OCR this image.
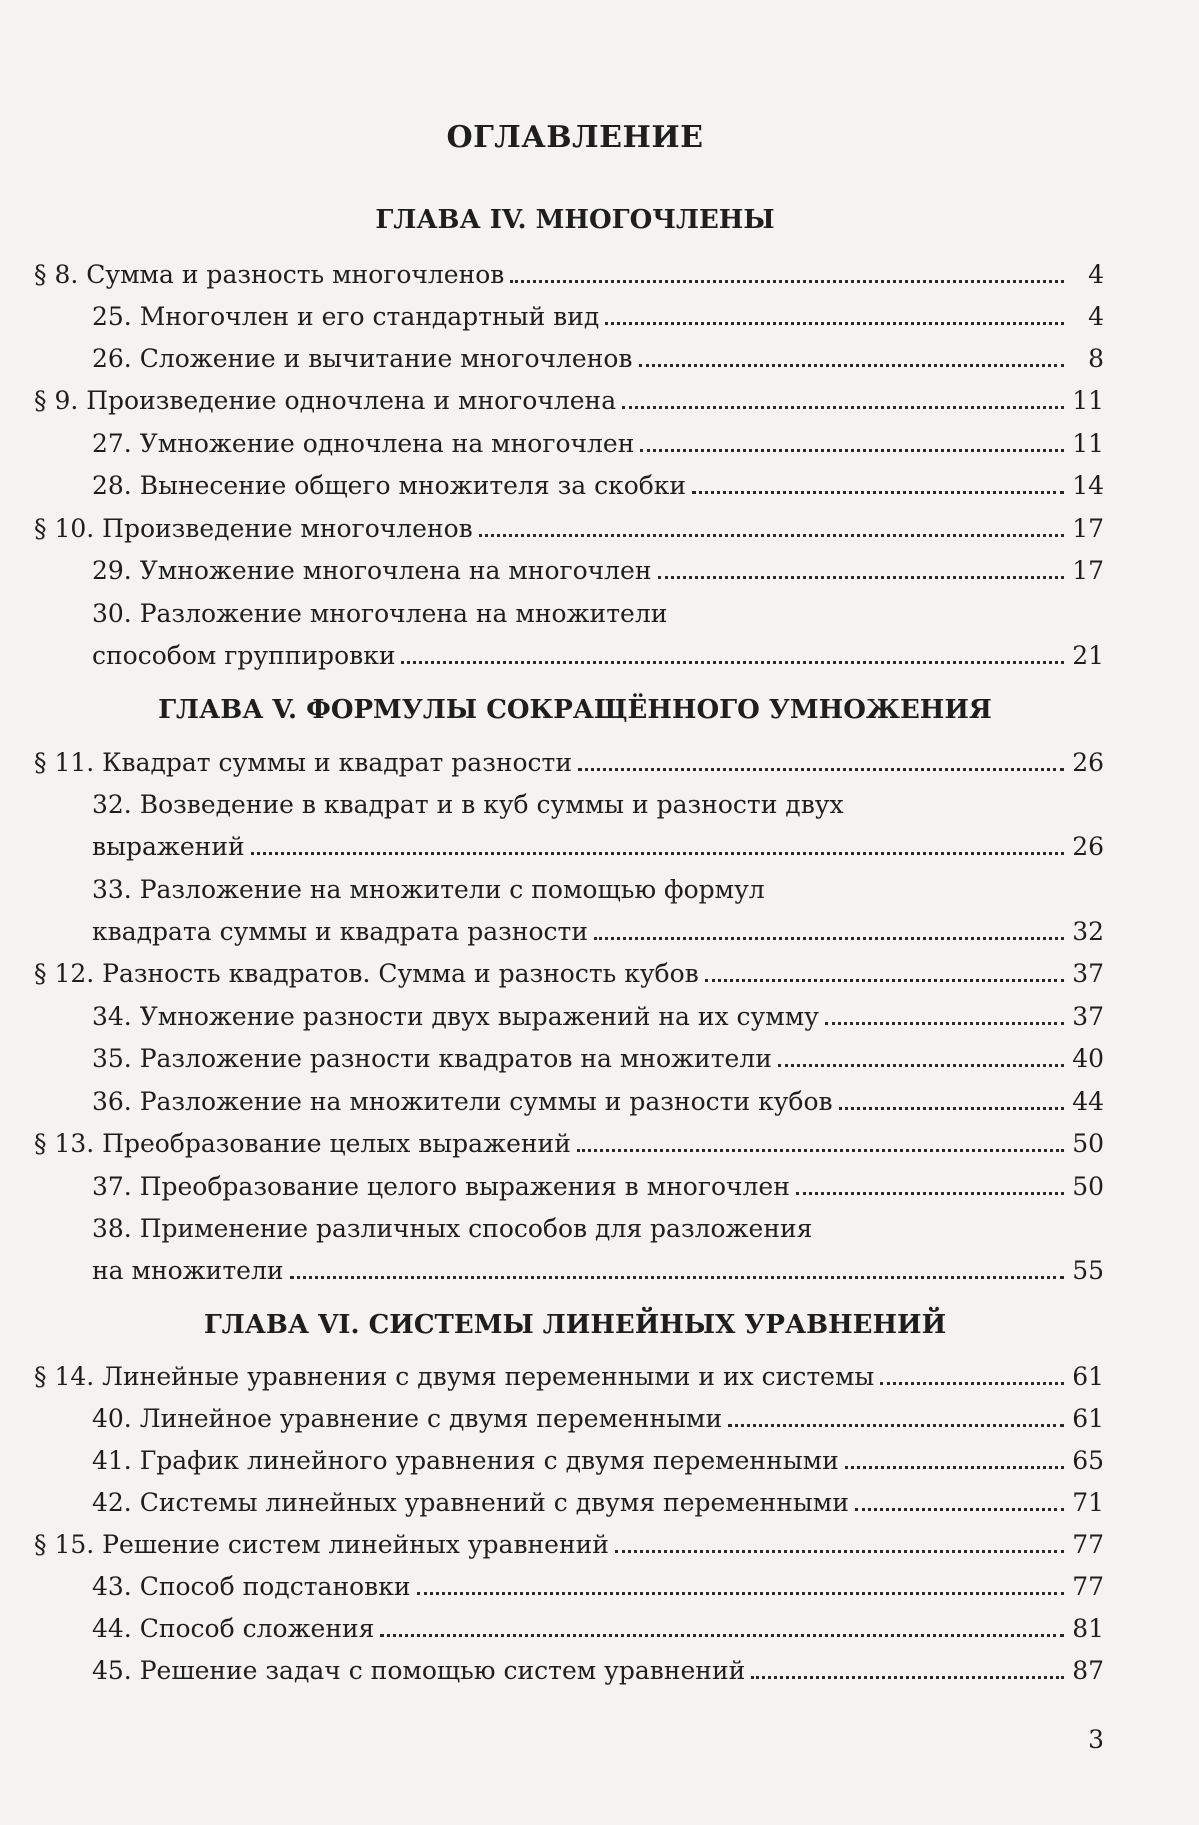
ОГЛАВЛЕНИЕ
ГЛАВА IV. МНОГОЧЛЕНЫ
§ 8. Сумма и разность многочленов	4
25. Многочлен и его стандартный вид	4
26. Сложение и вычитание многочленов	8
§ 9. Произведение одночлена и многочлена	11
27. Умножение одночлена на многочлен	11
28. Вынесение общего множителя за скобки	14
§ 10. Произведение многочленов	17
29. Умножение многочлена на многочлен	17
30. Разложение многочлена на множители
способом группировки	21
ГЛАВА V. ФОРМУЛЫ СОКРАЩЁННОГО УМНОЖЕНИЯ
§ 11. Квадрат суммы и квадрат разности	26
32. Возведение в квадрат и в куб суммы и разности двух
выражений	26
33. Разложение на множители с помощью формул
квадрата суммы и квадрата разности	32
§ 12. Разность квадратов. Сумма и разность кубов	37
34. Умножение разности двух выражений на их сумму	37
35. Разложение разности квадратов на множители	40
36. Разложение на множители суммы и разности кубов	44
§ 13. Преобразование целых выражений	50
37. Преобразование целого выражения в многочлен	50
38. Применение различных способов для разложения
на множители	55
ГЛАВА VI. СИСТЕМЫ ЛИНЕЙНЫХ УРАВНЕНИЙ
§ 14. Линейные уравнения с двумя переменными и их системы	61
40. Линейное уравнение с двумя переменными	61
41. График линейного уравнения с двумя переменными	65
42. Системы линейных уравнений с двумя переменными	71
§ 15. Решение систем линейных уравнений	77
43. Способ подстановки	77
44. Способ сложения	81
45. Решение задач с помощью систем уравнений	87
3
